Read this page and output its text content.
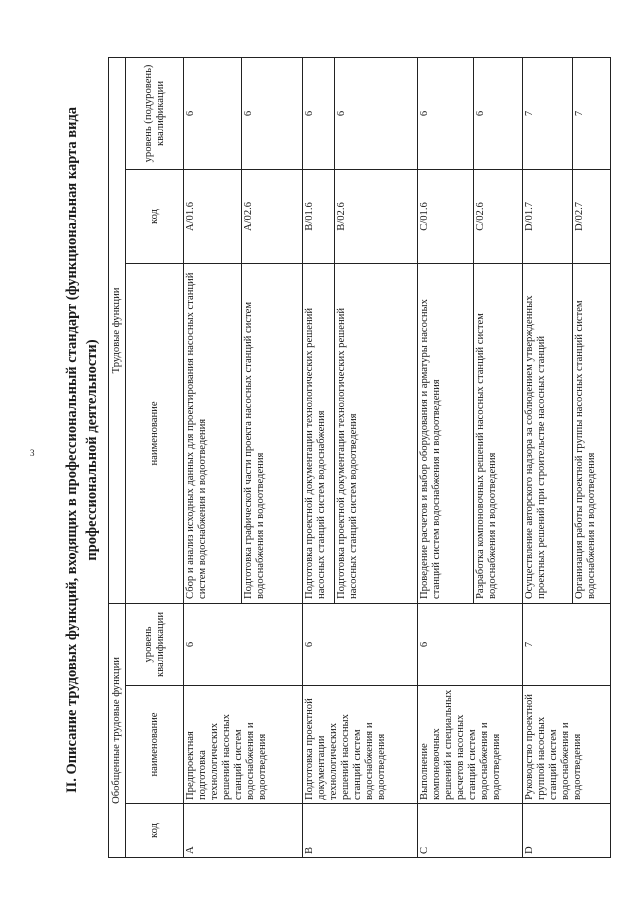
3 II. Описание трудовых функций, входящих в профессиональный стандарт (функциональная карта вида профессиональной деятельности)
Обобщенные трудовые функции			Трудовые функции		
код	наименование	уровень квалификации	наименование	код	уровень (подуровень) квалификации
A	Предпроектная подготовка технологических решений насосных станций систем водоснабжения и водоотведения	6	Сбор и анализ исходных данных для проектирования насосных станций систем водоснабжения и водоотведения	A/01.6	6
			Подготовка графической части проекта насосных станций систем водоснабжения и водоотведения	A/02.6	6
B	Подготовка проектной документации технологических решений насосных станций систем водоснабжения и водоотведения	6	Подготовка проектной документации технологических решений насосных станций систем водоснабжения	B/01.6	6
			Подготовка проектной документации технологических решений насосных станций систем водоотведения	B/02.6	6
C	Выполнение компоновочных решений и специальных расчетов насосных станций систем водоснабжения и водоотведения	6	Проведение расчетов и выбор оборудования и арматуры насосных станций систем водоснабжения и водоотведения	C/01.6	6
			Разработка компоновочных решений насосных станций систем водоснабжения и водоотведения	C/02.6	6
D	Руководство проектной группой насосных станций систем водоснабжения и водоотведения	7	Осуществление авторского надзора за соблюдением утвержденных проектных решений при строительстве насосных станций	D/01.7	7
			Организация работы проектной группы насосных станций систем водоснабжения и водоотведения	D/02.7	7
